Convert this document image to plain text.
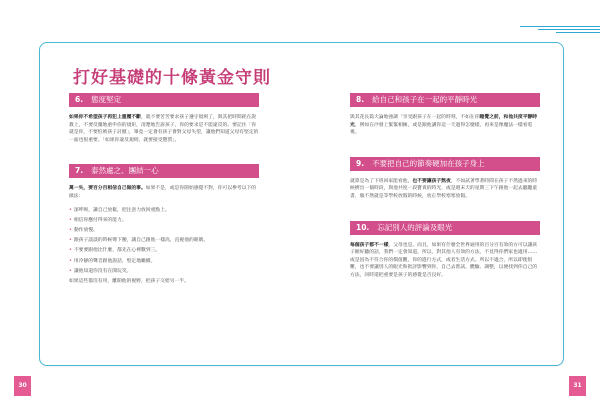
打好基礎的十條黃金守則
6. 態度堅定

如果你不希望孩子再犯上重覆不斷，就不要苦苦要求孩子遵守規則了，與其把時間耗在說教上，不要反覆地重申你的規矩，清楚地告訴孩子，你的要求是不能違反的。要記住「你就是你，不要怕被孩子討厭」，畢竟一定會有孩子會對父母失望，讓他們知道父母有堅定的一面也很重要。「如果你違反規則，就要接受懲罰」。

7. 泰然處之、團結一心

萬一失，要百分百相信自己做的事。如果不是，或是你開始感覺不對，你可以參考以下的做法：

• 深呼吸，讓自己放鬆，把注意力放回重點上。
• 相信你應付得來的能力。
• 動作放慢。
• 跟孩子談談的時候彎下腰，讓自己跟他一樣高，直視他的眼睛。
• 不要要跟他比什麼，都先在心裡數到三。
• 用冷靜的聲音跟他說話，堅定地繼續。
• 讓他知道你沒有在開玩笑。

如果這些都沒有用，離開他的視野，把孩子交給另一半。

8. 給自己和孩子在一起的平靜時光

與其花長篇大論地強調「享受跟孩子在一起的時刻，不如在你睡覺之前，和他共度平靜時光，例如在沙發上緊緊相擁，或是跟他講你這一天過得怎麼樣，再來是像魔法一樣看電視。

9. 不要把自己的節奏硬加在孩子身上

就算是為了下班回家能看他，也不要讓孩子熬夜，不如試著學著時間在孩子不然過來的時候擠出一個時段，與他共度一段寶貴的時光，或是週末天的星期三下午跟他一起去聽聽童書，做不然就是等學校放假的時候，放正學校寒寒放假。

10. 忘記別人的評論及眼光

每個孩子都不一樣，父母也是。而且，如果有什麼全世界通用的百分百有效的方可以讓孩子順好聽的話，我們一定會知道，所以，對其他人有效的方法，不見得你們家也適用……或是因為不符合你的價值觀，你的進行方式，或者生活方式。所以不適合，所以即使很難，也不要讓別人的眼光和批評影響到你，自己去嘗試、體驗、調整，以便找到你自己的方法，同時還把重要是孩子的感覺是否良好。

30	31
